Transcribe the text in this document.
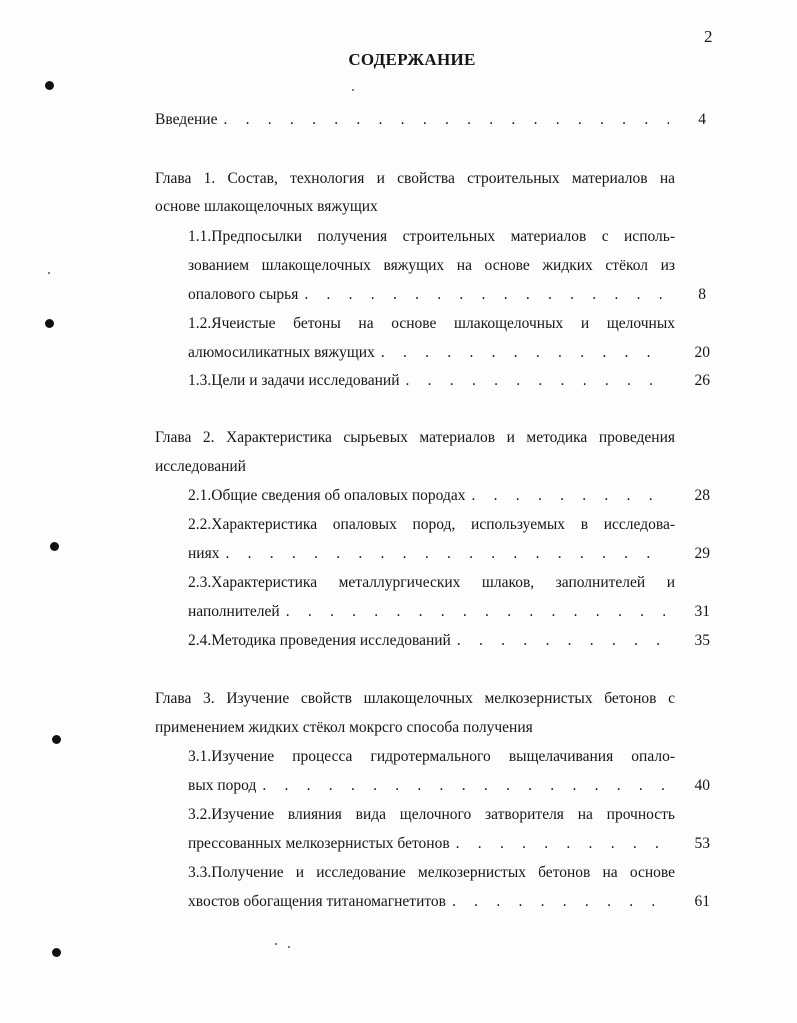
2
СОДЕРЖАНИЕ
Введение . . .	4
Глава 1. Состав, технология и свойства строительных материалов на
основе шлакощелочных вяжущих
1.1.Предпосылки получения строительных материалов с исполь-
зованием шлакощелочных вяжущих на основе жидких стёкол из
опалового сырья . . .	8
1.2.Ячеистые бетоны на основе шлакощелочных и щелочных
алюмосиликатных вяжущих . . .	20
1.3.Цели и задачи исследований . . .	26
Глава 2. Характеристика сырьевых материалов и методика проведения
исследований
2.1.Общие сведения об опаловых породах . . .	28
2.2.Характеристика опаловых пород, используемых в исследова-
ниях . . .	29
2.3.Характеристика металлургических шлаков, заполнителей и
наполнителей . . .	31
2.4.Методика проведения исследований . . .	35
Глава 3. Изучение свойств шлакощелочных мелкозернистых бетонов с
применением жидких стёкол мокрсго способа получения
3.1.Изучение процесса гидротермального выщелачивания опало-
вых пород . . .	40
3.2.Изучение влияния вида щелочного затворителя на прочность
прессованных мелкозернистых бетонов . . .	53
3.3.Получение и исследование мелкозернистых бетонов на основе
хвостов обогащения титаномагнетитов . . .	61
